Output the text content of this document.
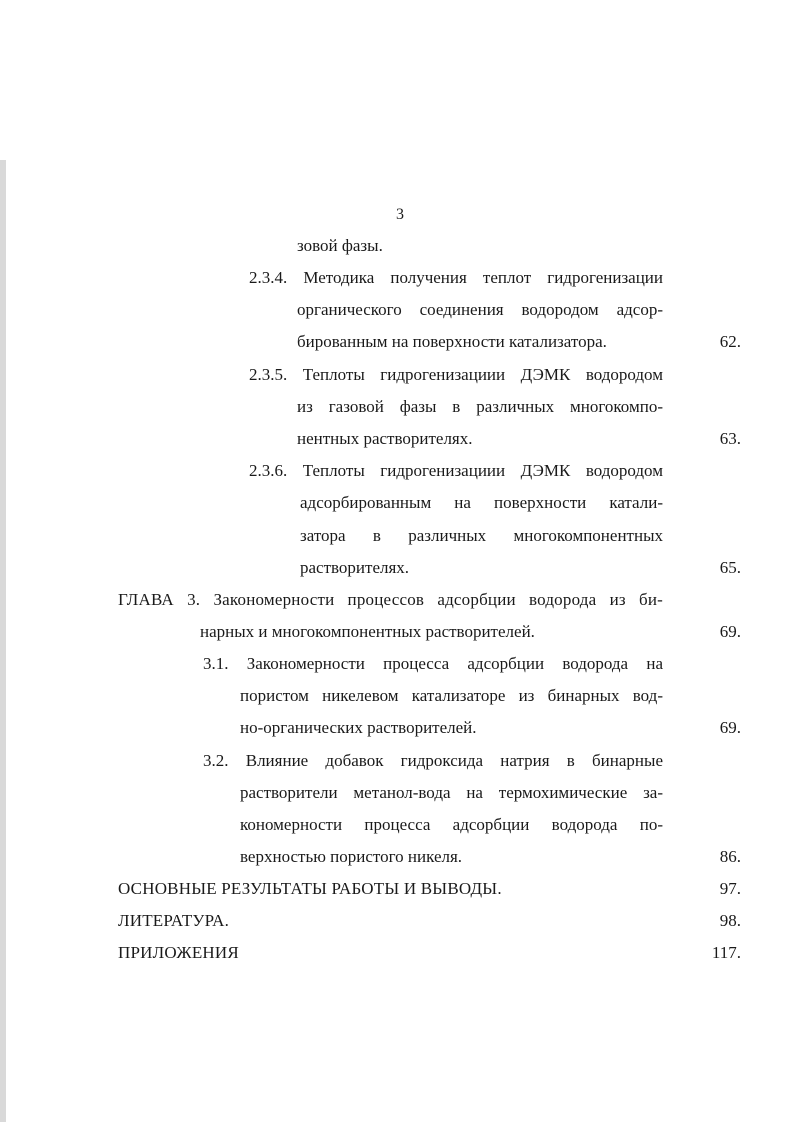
3
зовой фазы.
2.3.4. Методика получения теплот гидрогенизации
органического соединения водородом адсор-
бированным на поверхности катализатора.	62.
2.3.5. Теплоты гидрогенизациии ДЭМК водородом
из газовой фазы в различных многокомпо-
нентных растворителях.	63.
2.3.6. Теплоты гидрогенизациии ДЭМК водородом
адсорбированным на поверхности катали-
затора в различных многокомпонентных
растворителях.	65.
ГЛАВА 3. Закономерности процессов адсорбции водорода из би-
нарных и многокомпонентных растворителей.	69.
3.1. Закономерности процесса адсорбции водорода на
пористом никелевом катализаторе из бинарных вод-
но-органических растворителей.	69.
3.2. Влияние добавок гидроксида натрия в бинарные
растворители метанол-вода на термохимические за-
кономерности процесса адсорбции водорода по-
верхностью пористого никеля.	86.
ОСНОВНЫЕ РЕЗУЛЬТАТЫ РАБОТЫ И ВЫВОДЫ.	97.
ЛИТЕРАТУРА.	98.
ПРИЛОЖЕНИЯ	117.
